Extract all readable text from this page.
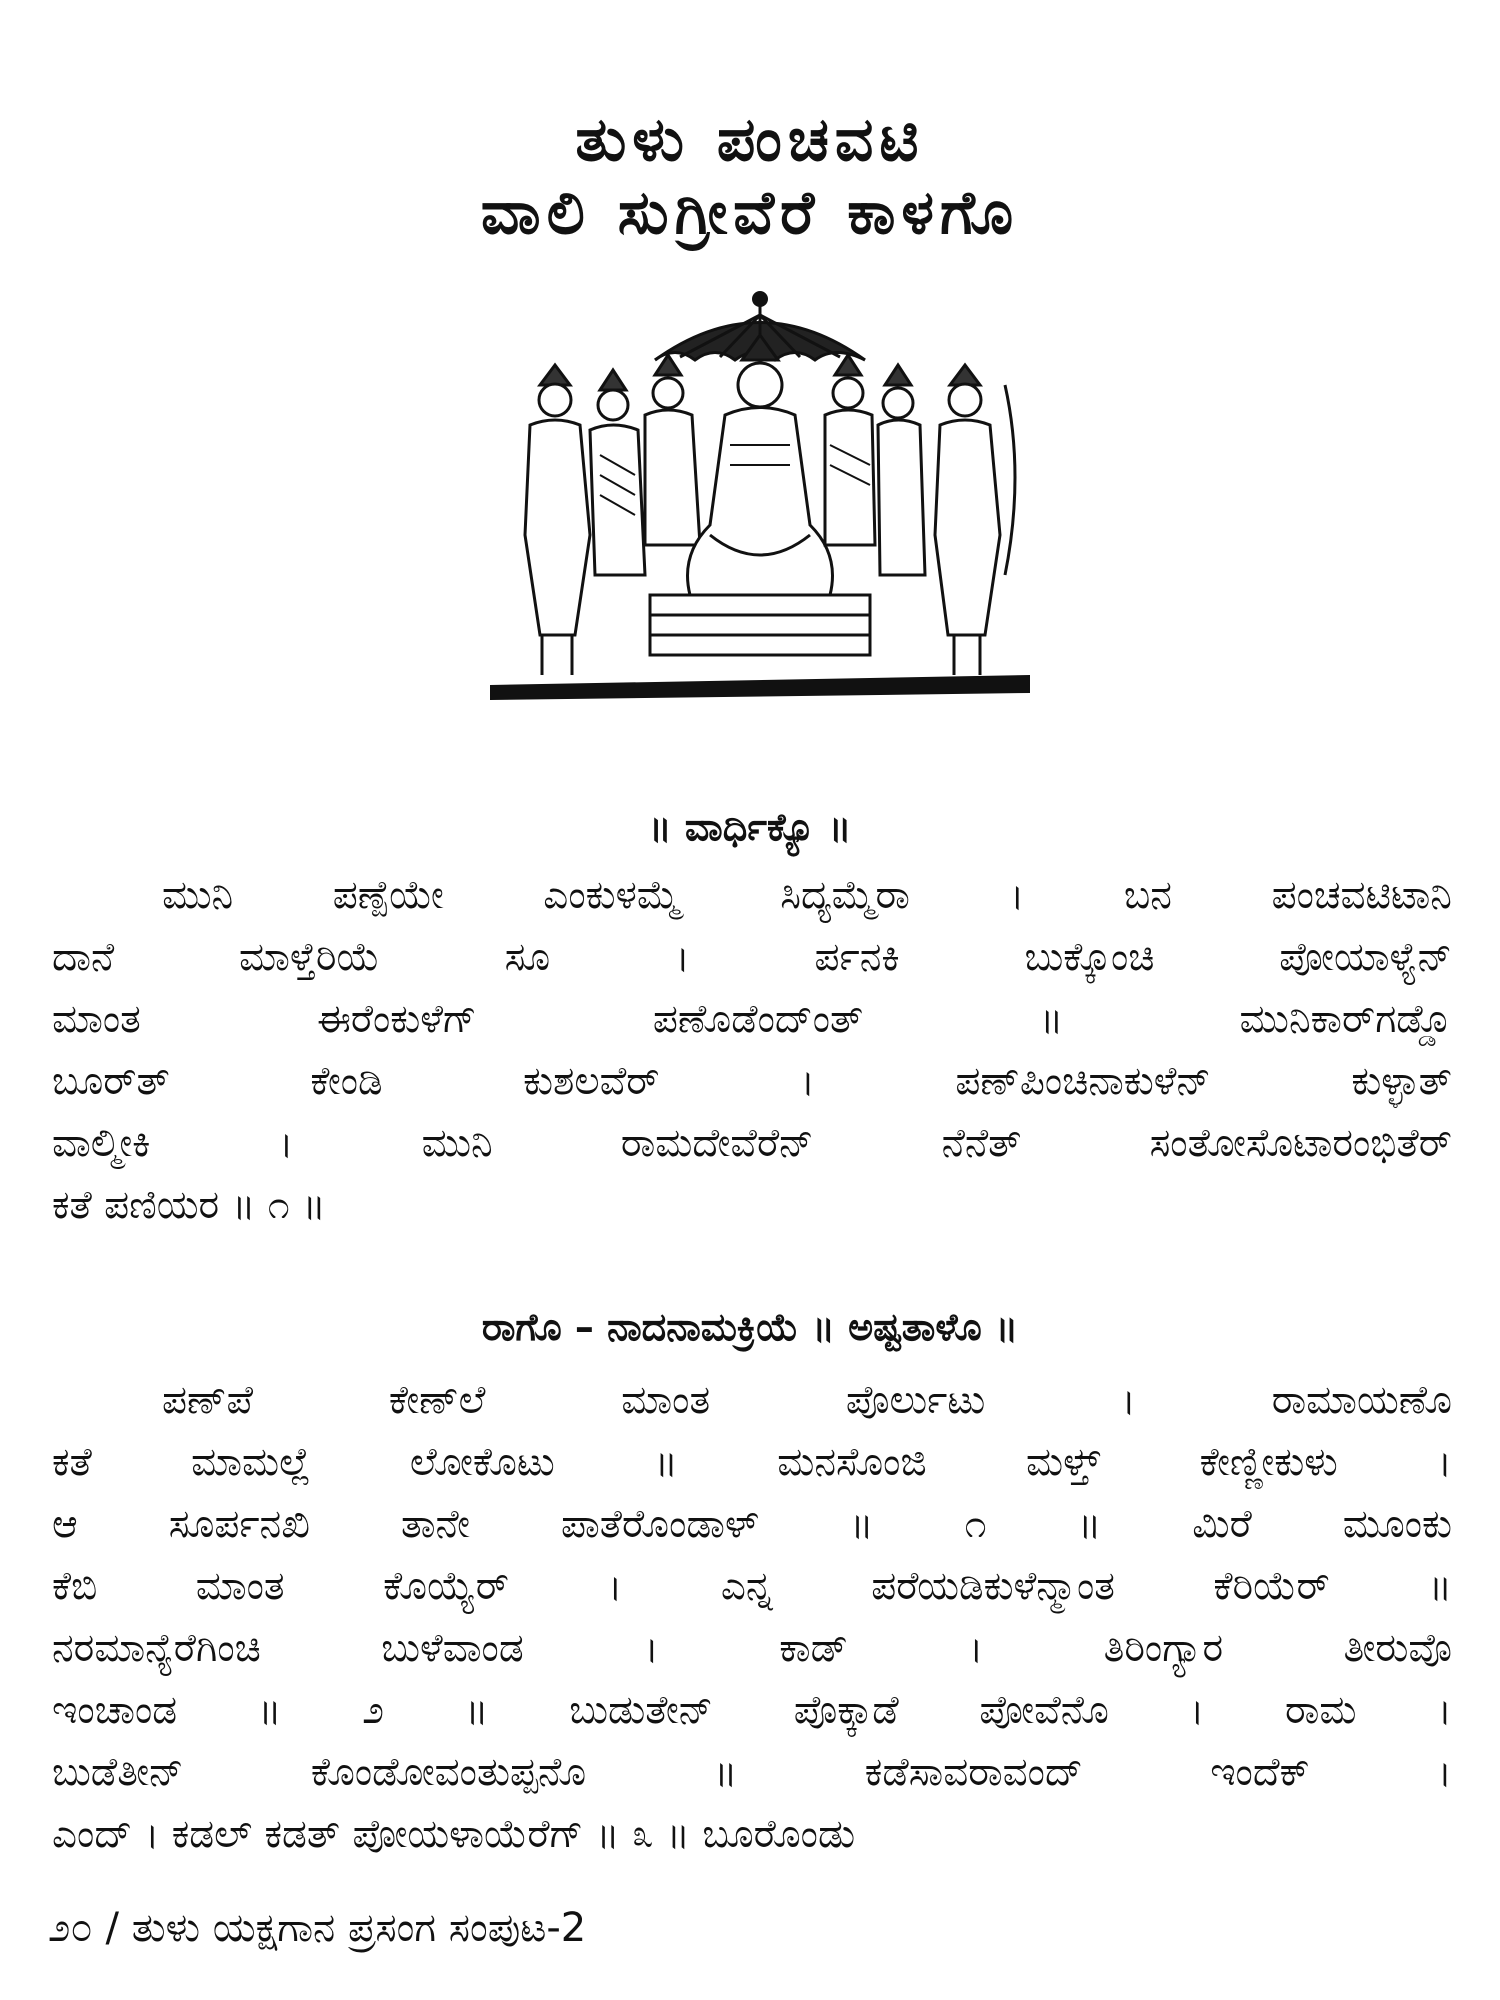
ತುಳು ಪಂಚವಟಿ
ವಾಲಿ ಸುಗ್ರೀವೆರೆ ಕಾಳಗೊ
॥ ವಾರ್ಧಿಕ್ಯೊ ॥
ಮುನಿ ಪಣ್ಪೆಯೇ ಎಂಕುಳಮ್ಮೆ ಸಿದ್ಯಮ್ಮೆರಾ । ಬನ ಪಂಚವಟಿಟಾನಿ
ದಾನೆ ಮಾಳ್ತೆರಿಯೆ ಸೂ । ರ್ಪನಕಿ ಬುಕ್ಕೊಂಚಿ ಪೋಯಾಳ್ಯೆನ್
ಮಾಂತ ಈರೆಂಕುಳೆಗ್ ಪಣೊಡೆಂದ್ಂತ್ ॥ ಮುನಿಕಾರ್‌ಗಡ್ಡೊ
ಬೂರ್‌ತ್ ಕೇಂಡಿ ಕುಶಲವೆರ್ । ಪಣ್‌ಪಿಂಚಿನಾಕುಳೆನ್ ಕುಳ್ಳಾತ್
ವಾಲ್ಮೀಕಿ । ಮುನಿ ರಾಮದೇವೆರೆನ್ ನೆನೆತ್ ಸಂತೋಸೊಟಾರಂಭಿತೆರ್
ಕತೆ ಪಣಿಯರ ॥ ೧ ॥
ರಾಗೊ – ನಾದನಾಮಕ್ರಿಯೆ ॥ ಅಷ್ಟತಾಳೊ ॥
ಪಣ್‌ಪೆ ಕೇಣ್‌ಲೆ ಮಾಂತ ಪೊರ್ಲುಟು । ರಾಮಾಯಣೊ
ಕತೆ ಮಾಮಲ್ಲೆ ಲೋಕೊಟು ॥ ಮನಸೊಂಜಿ ಮಳ್ತ್ ಕೇಣ್ಣೀಕುಳು ।
ಆ ಸೂರ್ಪನಖಿ ತಾನೇ ಪಾತೆರೊಂಡಾಳ್ ॥ ೧ ॥ ಮಿರೆ ಮೂಂಕು
ಕೆಬಿ ಮಾಂತ ಕೊಯ್ಯೆರ್ । ಎನ್ನ ಪರೆಯಡಿಕುಳೆನ್ಮಾಂತ ಕೆರಿಯೆರ್ ॥
ನರಮಾನ್ಯೆರೆಗಿಂಚಿ ಬುಳೆವಾಂಡ । ಕಾಡ್ । ತಿರಿಂಗ್ಯಾರ ತೀರುವೊ
ಇಂಚಾಂಡ ॥ ೨ ॥ ಬುಡುತೇನ್ ಪೊಕ್ಕಾಡೆ ಪೋವೆನೊ । ರಾಮ ।
ಬುಡೆತೀನ್ ಕೊಂಡೋವಂತುಪ್ಪನೊ ॥ ಕಡೆಸಾವರಾವಂದ್ ಇಂದೆಕ್ ।
ಎಂದ್ । ಕಡಲ್ ಕಡತ್ ಪೋಯಳಾಯೆರೆಗ್ ॥ ೩ ॥ ಬೂರೊಂಡು
೨೦ / ತುಳು ಯಕ್ಷಗಾನ ಪ್ರಸಂಗ ಸಂಪುಟ-2
